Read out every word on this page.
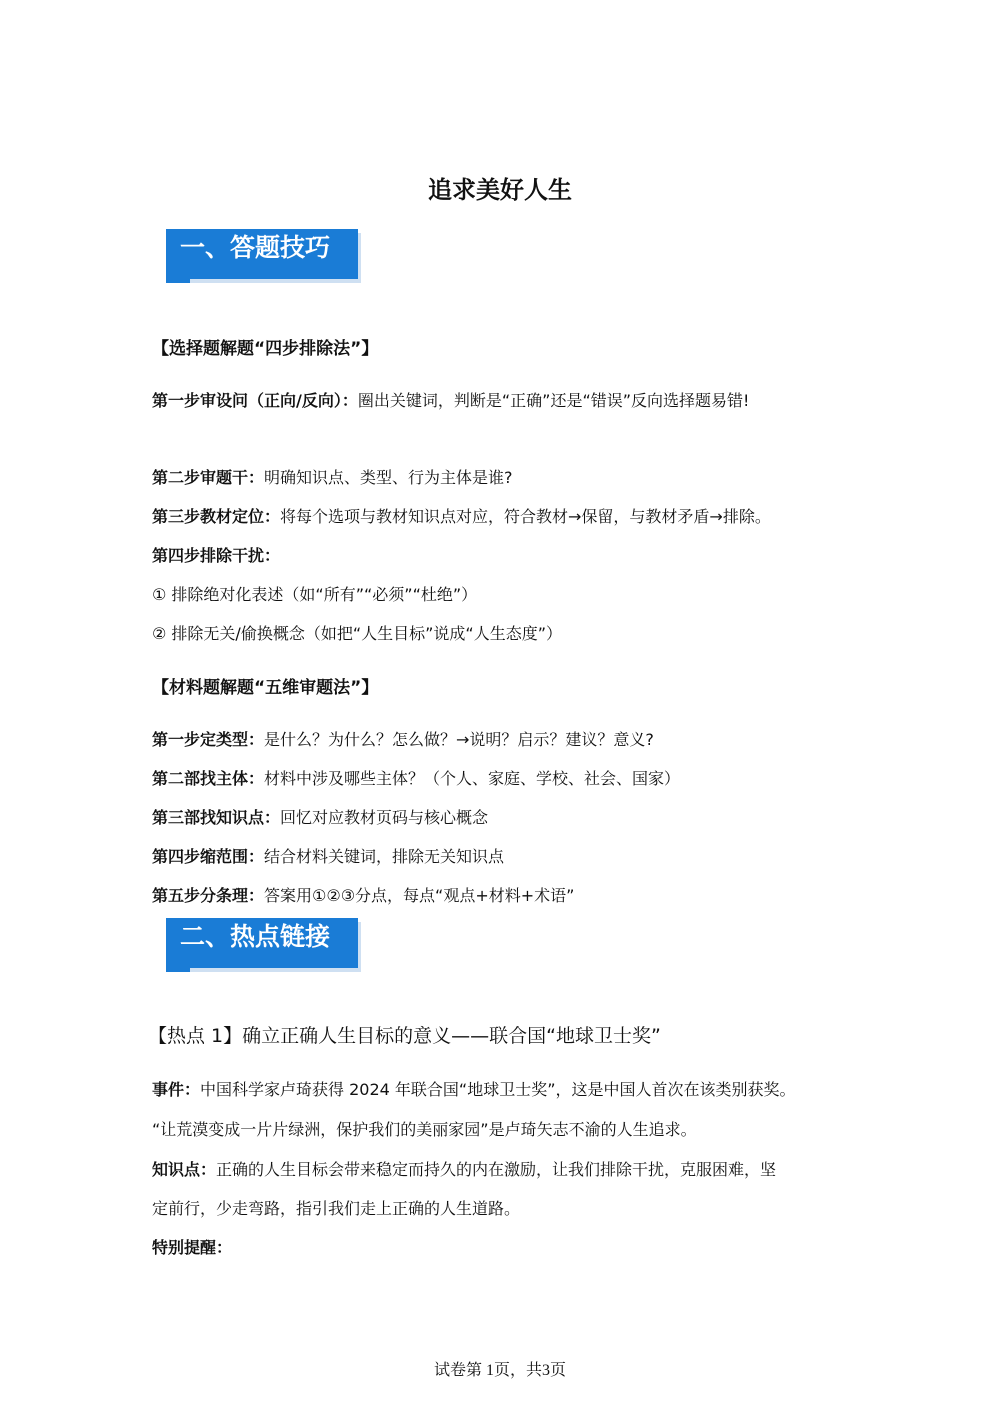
追求美好人生
一、答题技巧
【选择题解题“四步排除法”】
第一步审设问（正向/反向）：圈出关键词，判断是“正确”还是“错误”反向选择题易错!
第二步审题干：明确知识点、类型、行为主体是谁?
第三步教材定位：将每个选项与教材知识点对应，符合教材→保留，与教材矛盾→排除。
第四步排除干扰：
① 排除绝对化表述（如“所有”“必须”“杜绝”）
② 排除无关/偷换概念（如把“人生目标”说成“人生态度”）
【材料题解题“五维审题法”】
第一步定类型：是什么？为什么？怎么做？→说明？启示？建议？意义?
第二部找主体：材料中涉及哪些主体？（个人、家庭、学校、社会、国家）
第三部找知识点：回忆对应教材页码与核心概念
第四步缩范围：结合材料关键词，排除无关知识点
第五步分条理：答案用①②③分点，每点“观点+材料+术语”
二、热点链接
【热点 1】确立正确人生目标的意义——联合国“地球卫士奖”
事件：中国科学家卢琦获得 2024 年联合国“地球卫士奖”，这是中国人首次在该类别获奖。
“让荒漠变成一片片绿洲，保护我们的美丽家园”是卢琦矢志不渝的人生追求。
知识点：正确的人生目标会带来稳定而持久的内在激励，让我们排除干扰，克服困难，坚
定前行，少走弯路，指引我们走上正确的人生道路。
特别提醒：
试卷第 1页，共3页
